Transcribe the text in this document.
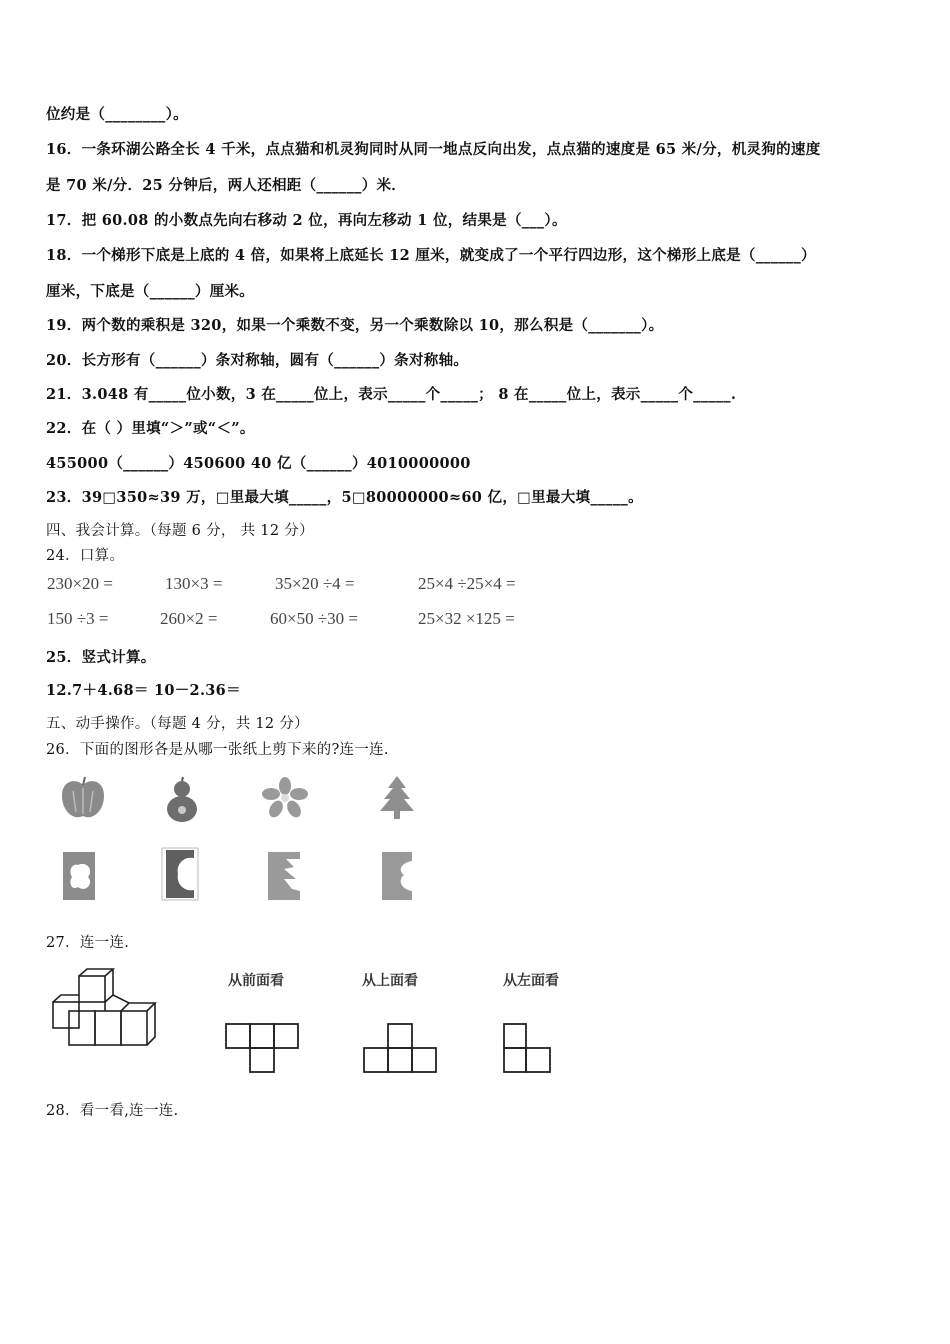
位约是（________）。
16．一条环湖公路全长 4 千米，点点猫和机灵狗同时从同一地点反向出发，点点猫的速度是 65 米/分，机灵狗的速度
是 70 米/分．25 分钟后，两人还相距（______）米．
17．把 60.08 的小数点先向右移动 2 位，再向左移动 1 位，结果是（___）。
18．一个梯形下底是上底的 4 倍，如果将上底延长 12 厘米，就变成了一个平行四边形，这个梯形上底是（______）
厘米，下底是（______）厘米。
19．两个数的乘积是 320，如果一个乘数不变，另一个乘数除以 10，那么积是（_______）。
20．长方形有（______）条对称轴，圆有（______）条对称轴。
21．3.048 有_____位小数，3 在_____位上，表示_____个_____； 8 在_____位上，表示_____个_____.
22．在（ ）里填“＞”或“＜”。
455000（______）450600 40 亿（______）4010000000
23．39□350≈39 万，□里最大填_____，5□80000000≈60 亿，□里最大填_____。
四、我会计算。（每题 6 分， 共 12 分）
24．口算。
230×20 =	130×3 =	35×20 ÷4 =	25×4 ÷25×4 =
150 ÷3 =	260×2 =	60×50 ÷30 =	25×32 ×125 =
25．竖式计算。
12.7＋4.68＝ 10－2.36＝
五、动手操作。（每题 4 分，共 12 分）
26．下面的图形各是从哪一张纸上剪下来的?连一连.
27．连一连.
从前面看	从上面看	从左面看
28．看一看,连一连.
